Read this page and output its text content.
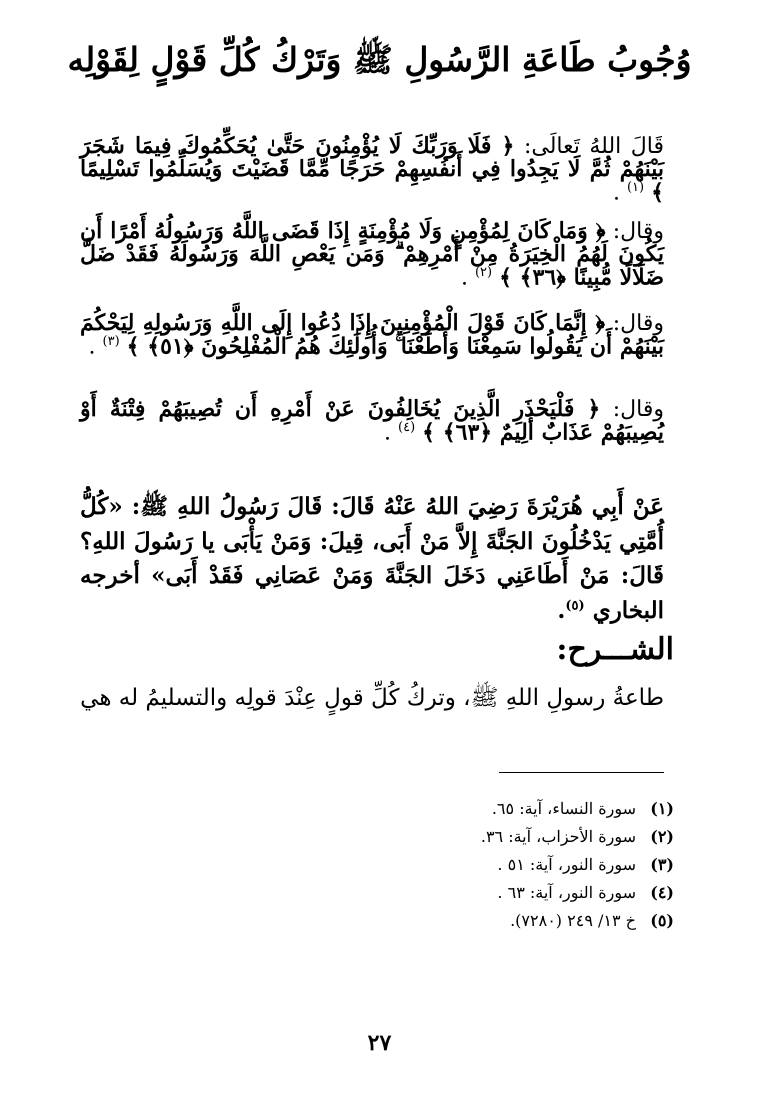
وُجُوبُ طَاعَةِ الرَّسُولِ ﷺ وَتَرْكُ كُلِّ قَوْلٍ لِقَوْلِه

قَالَ اللهُ تَعالَى: ﴿ فَلَا وَرَبِّكَ لَا يُؤْمِنُونَ حَتَّىٰ يُحَكِّمُوكَ فِيمَا شَجَرَ بَيْنَهُمْ ثُمَّ لَا يَجِدُوا فِي أَنفُسِهِمْ حَرَجًا مِّمَّا قَضَيْتَ وَيُسَلِّمُوا تَسْلِيمًا ﴾ $^{(١)}$ .

وقال: ﴿ وَمَا كَانَ لِمُؤْمِنٍ وَلَا مُؤْمِنَةٍ إِذَا قَضَى اللَّهُ وَرَسُولُهُ أَمْرًا أَن يَكُونَ لَهُمُ الْخِيَرَةُ مِنْ أَمْرِهِمْ ۗ وَمَن يَعْصِ اللَّهَ وَرَسُولَهُ فَقَدْ ضَلَّ ضَلَالًا مُّبِينًا ﴿٣٦﴾ ﴾ $^{(٢)}$ .

وقال: ﴿ إِنَّمَا كَانَ قَوْلَ الْمُؤْمِنِينَ إِذَا دُعُوا إِلَى اللَّهِ وَرَسُولِهِ لِيَحْكُمَ بَيْنَهُمْ أَن يَقُولُوا سَمِعْنَا وَأَطَعْنَا ۚ وَأُولَٰئِكَ هُمُ الْمُفْلِحُونَ ﴿٥١﴾ ﴾ $^{(٣)}$ .

وقال: ﴿ فَلْيَحْذَرِ الَّذِينَ يُخَالِفُونَ عَنْ أَمْرِهِ أَن تُصِيبَهُمْ فِتْنَةٌ أَوْ يُصِيبَهُمْ عَذَابٌ أَلِيمٌ ﴿٦٣﴾ ﴾ $^{(٤)}$ .

عَنْ أَبِي هُرَيْرَةَ رَضِيَ اللهُ عَنْهُ قَالَ: قَالَ رَسُولُ اللهِ ﷺ: «كُلُّ أُمَّتِي يَدْخُلُونَ الجَنَّةَ إِلاَّ مَنْ أَبَى، قِيلَ: وَمَنْ يَأْبَى يا رَسُولَ اللهِ؟ قَالَ: مَنْ أَطَاعَنِي دَخَلَ الجَنَّةَ وَمَنْ عَصَانِي فَقَدْ أَبَى» أخرجه البخاري $^{(٥)}$.

الشـــرح:

طاعةُ رسولِ اللهِ ﷺ، وتركُ كُلِّ قولٍ عِنْدَ قولِه والتسليمُ له هي

(١)
سورة النساء، آية: ٦٥.
(٢)
سورة الأحزاب، آية: ٣٦.
(٣)
سورة النور، آية: ٥١ .
(٤)
سورة النور، آية: ٦٣ .
(٥)
خ ١٣/ ٢٤٩ (٧٢٨٠).
٢٧
